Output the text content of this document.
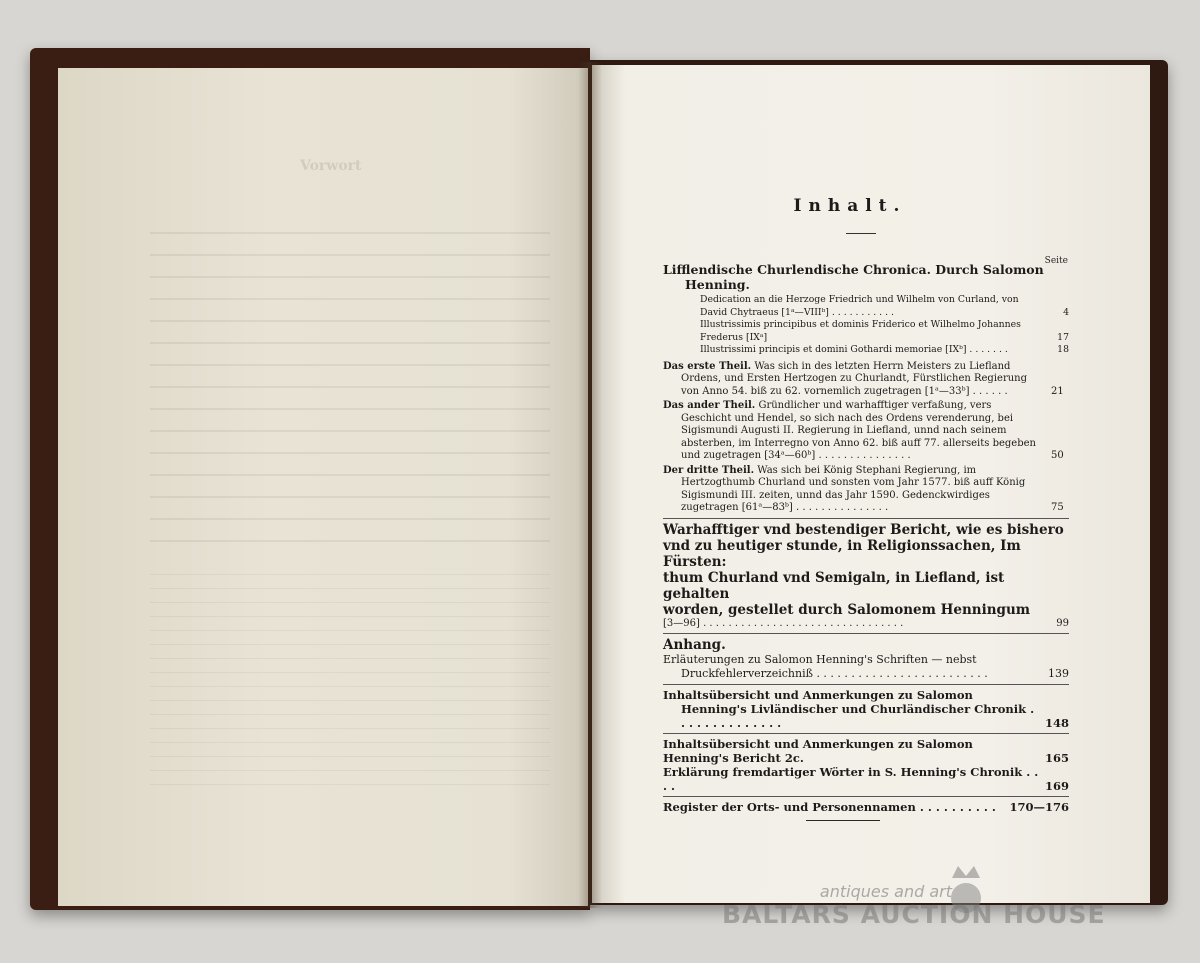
Vorwort
Inhalt.
Seite
Lifflendische Churlendische Chronica. Durch Salomon
Henning.
Dedication an die Herzoge Friedrich und Wilhelm von Curland, von David Chytraeus [1ᵃ—VIIIᵇ] . . . . . . . . . . .	4
Illustrissimis principibus et dominis Friderico et Wilhelmo Johannes Frederus [IXᵃ]	17
Illustrissimi principis et domini Gothardi memoriae [IXᵇ] . . . . . . .	18
Das erste Theil. Was sich in des letzten Herrn Meisters zu Liefland Ordens, und Ersten Hertzogen zu Churlandt, Fürstlichen Regierung von Anno 54. biß zu 62. vornemlich zugetragen [1ᵃ—33ᵇ] . . . . . .	21
Das ander Theil. Gründlicher und warhafftiger verfaßung, vers Geschicht und Hendel, so sich nach des Ordens verenderung, bei Sigismundi Augusti II. Regierung in Liefland, unnd nach seinem absterben, im Interregno von Anno 62. biß auff 77. allerseits begeben und zugetragen [34ᵃ—60ᵇ] . . . . . . . . . . . . . . .	50
Der dritte Theil. Was sich bei König Stephani Regierung, im Hertzogthumb Churland und sonsten vom Jahr 1577. biß auff König Sigismundi III. zeiten, unnd das Jahr 1590. Gedenckwirdiges zugetragen [61ᵃ—83ᵇ] . . . . . . . . . . . . . . .	75
Warhafftiger vnd bestendiger Bericht, wie es bishero
vnd zu heutiger stunde, in Religionssachen, Im Fürsten:
thum Churland vnd Semigaln, in Liefland, ist gehalten
worden, gestellet durch Salomonem Henningum
[3—96] . . . . . . . . . . . . . . . . . . . . . . . . . . . . . . . .	99
Anhang.
Erläuterungen zu Salomon Henning's Schriften — nebst Druckfehlerverzeichniß . . . . . . . . . . . . . . . . . . . . . . . . .	139
Inhaltsübersicht und Anmerkungen zu Salomon Henning's Livländischer und Churländischer Chronik . . . . . . . . . . . . . .	148
Inhaltsübersicht und Anmerkungen zu Salomon Henning's Bericht 2c.	165
Erklärung fremdartiger Wörter in S. Henning's Chronik . . . .	169
Register der Orts- und Personennamen . . . . . . . . . . 170—176
antiques and art
BALTARS AUCTION HOUSE
